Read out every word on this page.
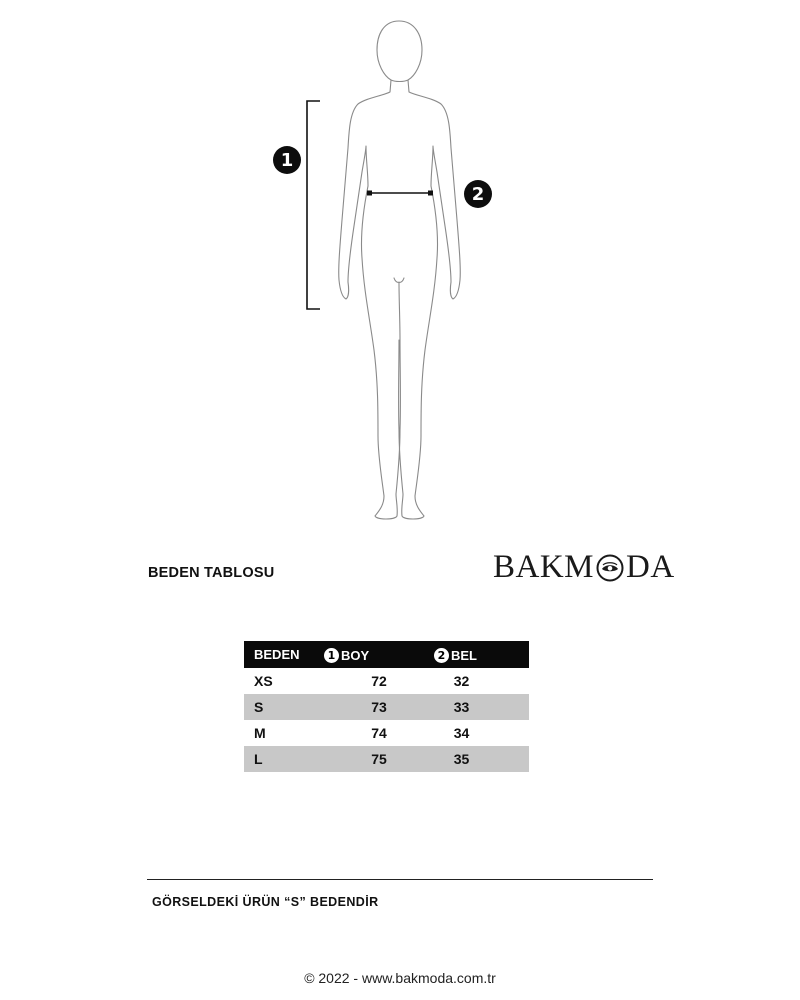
1
2
BEDEN TABLOSU	BAKM DA
BEDEN	1 BOY	2 BEL

XS	72	32
S	73	33
M	74	34
L	75	35
GÖRSELDEKİ ÜRÜN “S” BEDENDİR
© 2022 - www.bakmoda.com.tr
